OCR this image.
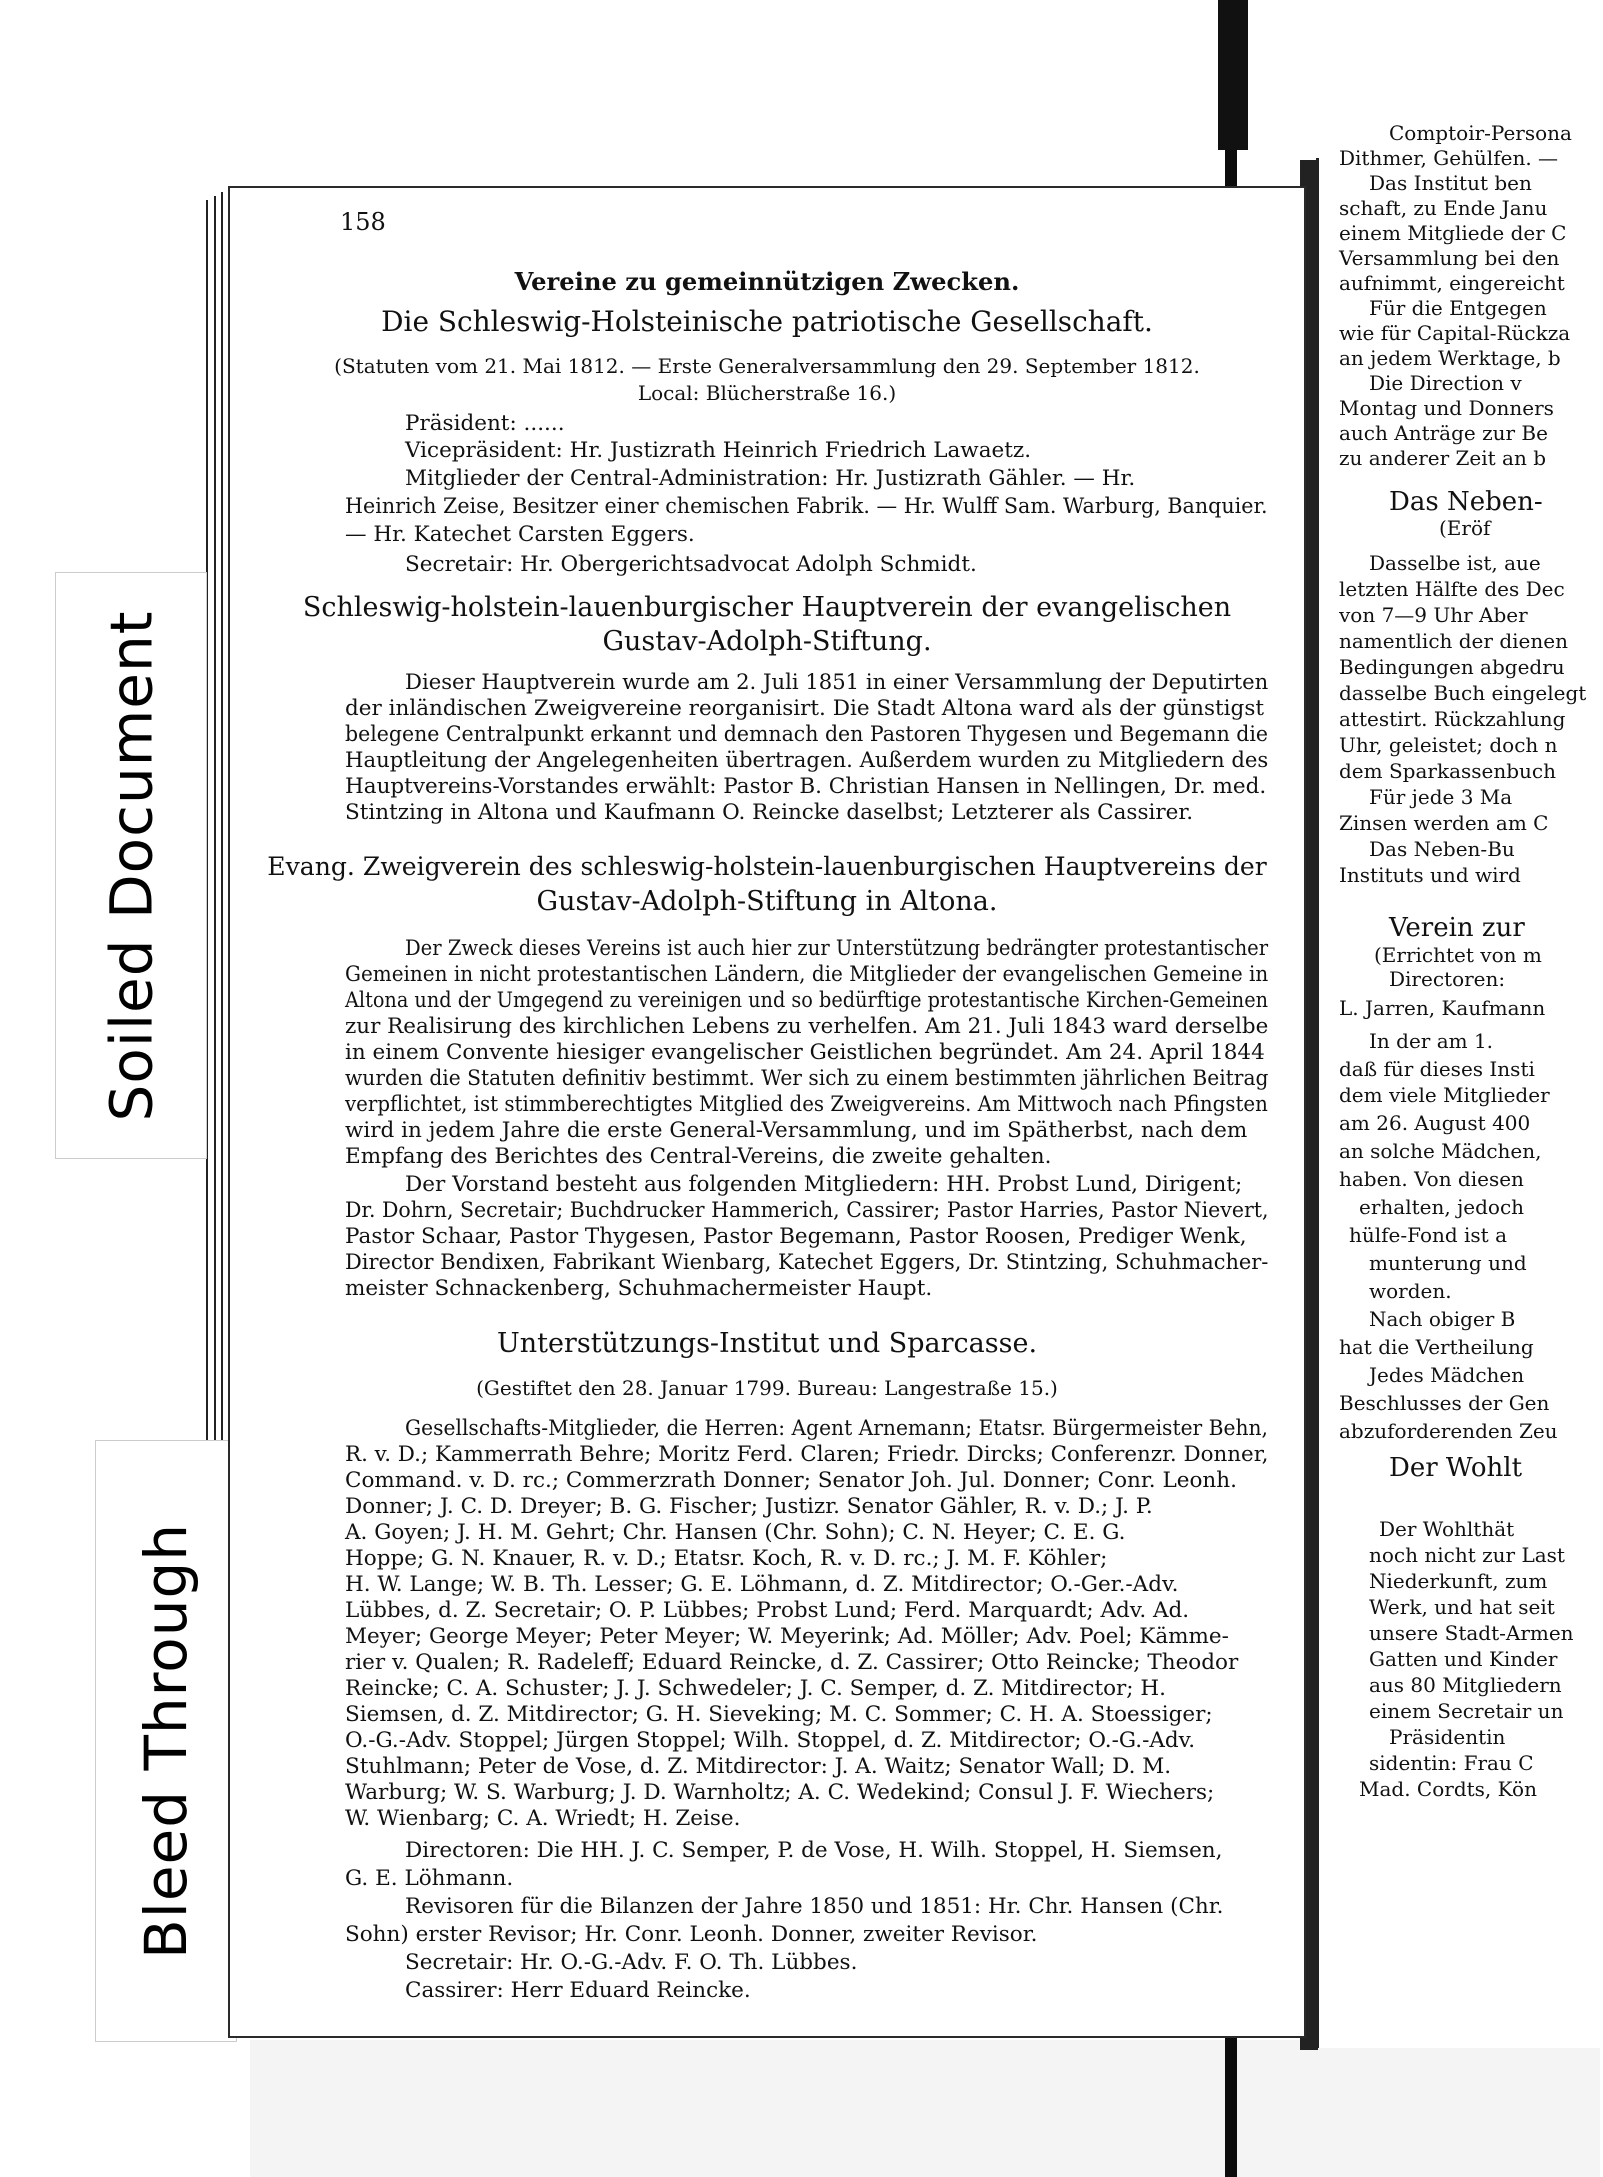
Soiled Document
Bleed Through
158
Vereine zu gemeinnützigen Zwecken.
Die Schleswig-Holsteinische patriotische Gesellschaft.
(Statuten vom 21. Mai 1812. — Erste Generalversammlung den 29. September 1812.
Local: Blücherstraße 16.)
Präsident: ......
Vicepräsident: Hr. Justizrath Heinrich Friedrich Lawaetz.
Mitglieder der Central-Administration: Hr. Justizrath Gähler. — Hr.
Heinrich Zeise, Besitzer einer chemischen Fabrik. — Hr. Wulff Sam. Warburg, Banquier.
— Hr. Katechet Carsten Eggers.
Secretair: Hr. Obergerichtsadvocat Adolph Schmidt.
Schleswig-holstein-lauenburgischer Hauptverein der evangelischen
Gustav-Adolph-Stiftung.
Dieser Hauptverein wurde am 2. Juli 1851 in einer Versammlung der Deputirten
der inländischen Zweigvereine reorganisirt. Die Stadt Altona ward als der günstigst
belegene Centralpunkt erkannt und demnach den Pastoren Thygesen und Begemann die
Hauptleitung der Angelegenheiten übertragen. Außerdem wurden zu Mitgliedern des
Hauptvereins-Vorstandes erwählt: Pastor B. Christian Hansen in Nellingen, Dr. med.
Stintzing in Altona und Kaufmann O. Reincke daselbst; Letzterer als Cassirer.
Evang. Zweigverein des schleswig-holstein-lauenburgischen Hauptvereins der
Gustav-Adolph-Stiftung in Altona.
Der Zweck dieses Vereins ist auch hier zur Unterstützung bedrängter protestantischer
Gemeinen in nicht protestantischen Ländern, die Mitglieder der evangelischen Gemeine in
Altona und der Umgegend zu vereinigen und so bedürftige protestantische Kirchen-Gemeinen
zur Realisirung des kirchlichen Lebens zu verhelfen. Am 21. Juli 1843 ward derselbe
in einem Convente hiesiger evangelischer Geistlichen begründet. Am 24. April 1844
wurden die Statuten definitiv bestimmt. Wer sich zu einem bestimmten jährlichen Beitrag
verpflichtet, ist stimmberechtigtes Mitglied des Zweigvereins. Am Mittwoch nach Pfingsten
wird in jedem Jahre die erste General-Versammlung, und im Spätherbst, nach dem
Empfang des Berichtes des Central-Vereins, die zweite gehalten.
Der Vorstand besteht aus folgenden Mitgliedern: HH. Probst Lund, Dirigent;
Dr. Dohrn, Secretair; Buchdrucker Hammerich, Cassirer; Pastor Harries, Pastor Nievert,
Pastor Schaar, Pastor Thygesen, Pastor Begemann, Pastor Roosen, Prediger Wenk,
Director Bendixen, Fabrikant Wienbarg, Katechet Eggers, Dr. Stintzing, Schuhmacher-
meister Schnackenberg, Schuhmachermeister Haupt.
Unterstützungs-Institut und Sparcasse.
(Gestiftet den 28. Januar 1799. Bureau: Langestraße 15.)
Gesellschafts-Mitglieder, die Herren: Agent Arnemann; Etatsr. Bürgermeister Behn,
R. v. D.; Kammerrath Behre; Moritz Ferd. Claren; Friedr. Dircks; Conferenzr. Donner,
Command. v. D. rc.; Commerzrath Donner; Senator Joh. Jul. Donner; Conr. Leonh.
Donner; J. C. D. Dreyer; B. G. Fischer; Justizr. Senator Gähler, R. v. D.; J. P.
A. Goyen; J. H. M. Gehrt; Chr. Hansen (Chr. Sohn); C. N. Heyer; C. E. G.
Hoppe; G. N. Knauer, R. v. D.; Etatsr. Koch, R. v. D. rc.; J. M. F. Köhler;
H. W. Lange; W. B. Th. Lesser; G. E. Löhmann, d. Z. Mitdirector; O.-Ger.-Adv.
Lübbes, d. Z. Secretair; O. P. Lübbes; Probst Lund; Ferd. Marquardt; Adv. Ad.
Meyer; George Meyer; Peter Meyer; W. Meyerink; Ad. Möller; Adv. Poel; Kämme-
rier v. Qualen; R. Radeleff; Eduard Reincke, d. Z. Cassirer; Otto Reincke; Theodor
Reincke; C. A. Schuster; J. J. Schwedeler; J. C. Semper, d. Z. Mitdirector; H.
Siemsen, d. Z. Mitdirector; G. H. Sieveking; M. C. Sommer; C. H. A. Stoessiger;
O.-G.-Adv. Stoppel; Jürgen Stoppel; Wilh. Stoppel, d. Z. Mitdirector; O.-G.-Adv.
Stuhlmann; Peter de Vose, d. Z. Mitdirector: J. A. Waitz; Senator Wall; D. M.
Warburg; W. S. Warburg; J. D. Warnholtz; A. C. Wedekind; Consul J. F. Wiechers;
W. Wienbarg; C. A. Wriedt; H. Zeise.
Directoren: Die HH. J. C. Semper, P. de Vose, H. Wilh. Stoppel, H. Siemsen,
G. E. Löhmann.
Revisoren für die Bilanzen der Jahre 1850 und 1851: Hr. Chr. Hansen (Chr.
Sohn) erster Revisor; Hr. Conr. Leonh. Donner, zweiter Revisor.
Secretair: Hr. O.-G.-Adv. F. O. Th. Lübbes.
Cassirer: Herr Eduard Reincke.
Comptoir-Persona
Dithmer, Gehülfen. —
Das Institut ben
schaft, zu Ende Janu
einem Mitgliede der C
Versammlung bei den
aufnimmt, eingereicht
Für die Entgegen
wie für Capital-Rückza
an jedem Werktage, b
Die Direction v
Montag und Donners
auch Anträge zur Be
zu anderer Zeit an b
Das Neben-
(Eröf
Dasselbe ist, aue
letzten Hälfte des Dec
von 7—9 Uhr Aber
namentlich der dienen
Bedingungen abgedru
dasselbe Buch eingelegt
attestirt. Rückzahlung
Uhr, geleistet; doch n
dem Sparkassenbuch
Für jede 3 Ma
Zinsen werden am C
Das Neben-Bu
Instituts und wird
Verein zur
(Errichtet von m
Directoren:
L. Jarren, Kaufmann
In der am 1.
daß für dieses Insti
dem viele Mitglieder
am 26. August 400
an solche Mädchen,
haben. Von diesen
erhalten, jedoch
hülfe-Fond ist a
munterung und
worden.
Nach obiger B
hat die Vertheilung
Jedes Mädchen
Beschlusses der Gen
abzuforderenden Zeu
Der Wohlt
Der Wohlthät
noch nicht zur Last
Niederkunft, zum
Werk, und hat seit
unsere Stadt-Armen
Gatten und Kinder
aus 80 Mitgliedern
einem Secretair un
Präsidentin
sidentin: Frau C
Mad. Cordts, Kön
